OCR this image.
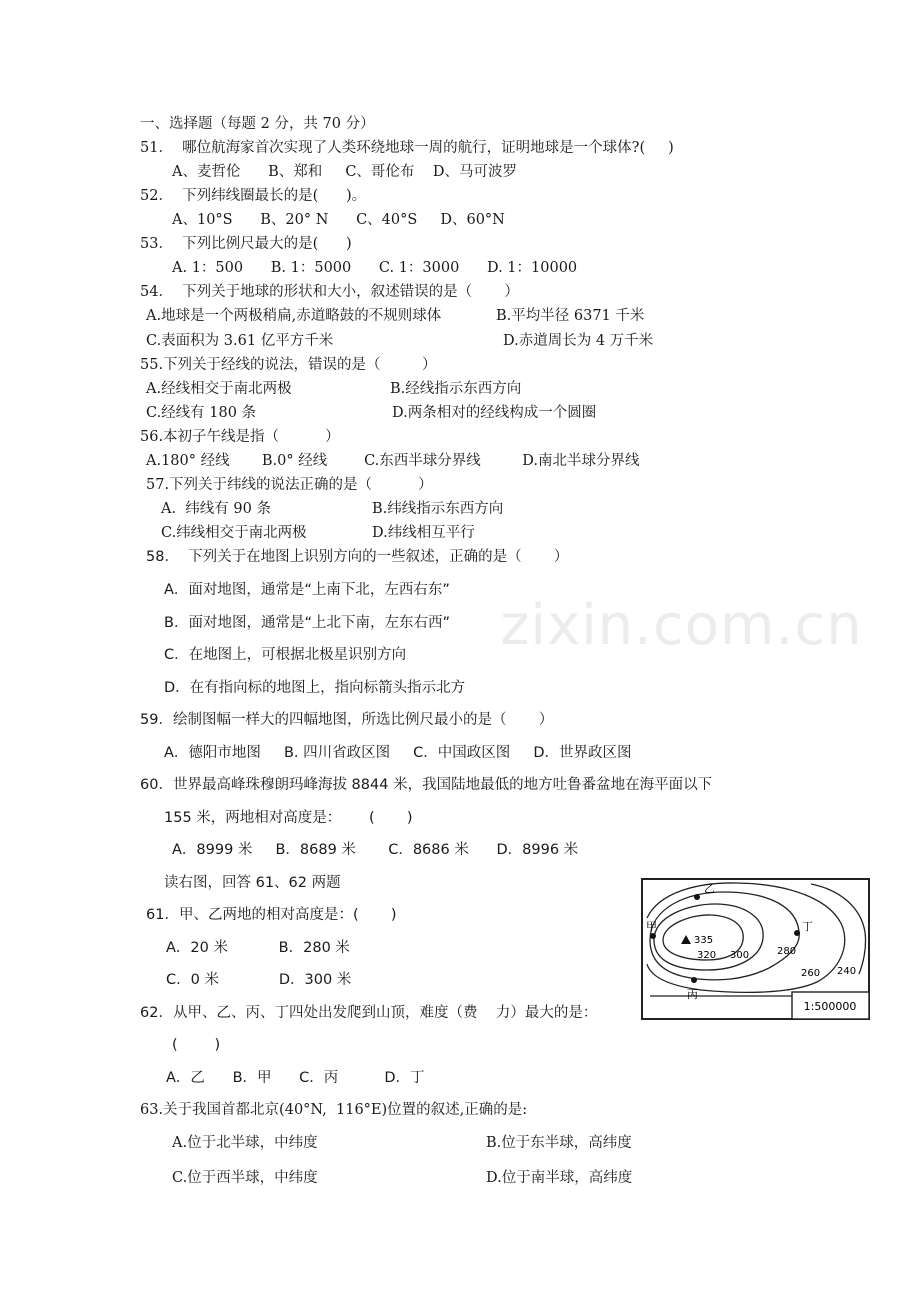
zixin.com.cn
一、选择题（每题 2 分，共 70 分）
51．  哪位航海家首次实现了人类环绕地球一周的航行，证明地球是一个球体?(     )
A、麦哲伦      B、郑和     C、哥伦布    D、马可波罗
52．  下列纬线圈最长的是(      )。
A、10°S      B、20° N      C、40°S     D、60°N
53．  下列比例尺最大的是(      )
A. 1：500      B. 1：5000      C. 1：3000      D. 1：10000
54．  下列关于地球的形状和大小，叙述错误的是（       ）
A.地球是一个两极稍扁,赤道略鼓的不规则球体	B.平均半径 6371 千米
C.表面积为 3.61 亿平方千米	D.赤道周长为 4 万千米
55.下列关于经线的说法，错误的是（         ）
A.经线相交于南北两极	B.经线指示东西方向
C.经线有 180 条	D.两条相对的经线构成一个圆圈
56.本初子午线是指（          ）
A.180° 经线       B.0° 经线        C.东西半球分界线         D.南北半球分界线
57.下列关于纬线的说法正确的是（          ）
A.  纬线有 90 条	B.纬线指示东西方向
C.纬线相交于南北两极	D.纬线相互平行
58．  下列关于在地图上识别方向的一些叙述，正确的是（       ）
A．面对地图，通常是“上南下北，左西右东”
B．面对地图，通常是“上北下南，左东右西”
C．在地图上，可根据北极星识别方向
D．在有指向标的地图上，指向标箭头指示北方
59．绘制图幅一样大的四幅地图，所选比例尺最小的是（       ）
A．德阳市地图     B. 四川省政区图     C．中国政区图     D．世界政区图
60．世界最高峰珠穆朗玛峰海拔 8844 米，我国陆地最低的地方吐鲁番盆地在海平面以下
155 米，两地相对高度是：      (       )
A．8999 米     B．8689 米       C．8686 米      D．8996 米
读右图，回答 61、62 两题
61．甲、乙两地的相对高度是：(       )
A．20 米           B．280 米
C．0 米             D．300 米
62．从甲、乙、丙、丁四处出发爬到山顶，难度（费    力）最大的是：
(        )
A．乙      B．甲      C．丙          D．丁
63.关于我国首都北京(40°N,  116°E)位置的叙述,正确的是:
A.位于北半球，中纬度	B.位于东半球，高纬度
C.位于西半球，中纬度	D.位于南半球，高纬度
1:500000
乙
甲	丁
丙
335
320 300	280
260 240
